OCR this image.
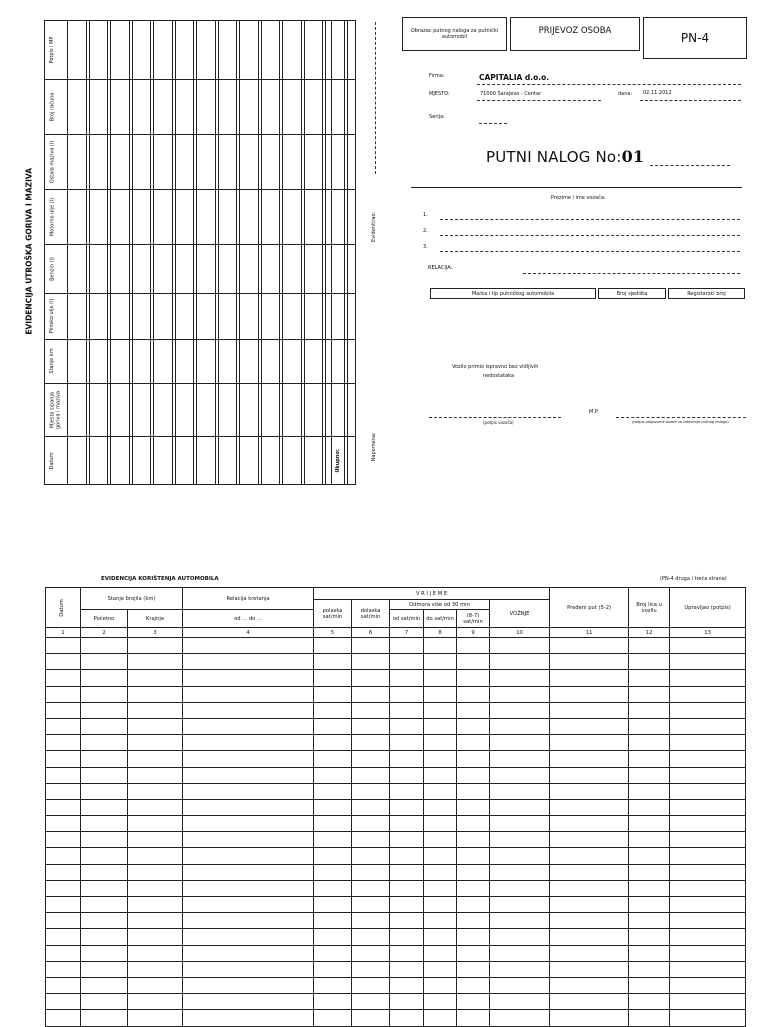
EVIDENCIJA UTROŠKA GORIVA I MAZIVA
Potpis i MP
Broj računa
Ostala maziva (l)
Motorno ulje (l)
Benzin (l)
Plinsko ulje (l)
Stanje km
Mjesto sipanja goriva i maziva
Datum	Ukupno:
Evidentirao:
Napomena:
Obrazac putnog naloga za putnički automobil
PRIJEVOZ OSOBA	PN-4
Firma:	CAPITALIA d.o.o.
MJESTO:	71000 Sarajevo - Centar	dana: 02.11.2012
Serija:
PUTNI NALOG No:01
Prezime i ime vozača:
1.
2.
3.
RELACIJA:
Marka i tip putničkog automobila	Broj sjedišta	Registarski broj
Vozilo primio ispravno bez vidljivih
nedostataka
M.P.
(potpis vozača)	(potpis odgovorne osobe za izdavanje putnog naloga)
EVIDENCIJA KORIŠTENJA AUTOMOBILA	(PN-4 druga i treća strana)
Datum	Stanje brojila (km)		Relacija kretanja	V R I J E M E						Pređeni put (5-2)	Broj lica u vozilu	Upravljao (potpis)
				polaska sat/min	dolaska sat/min	Odmora više od 30 min			VOŽNJE			
	Početno	Krajnje	od ... do ...			od sat/min	do sat/min	(8-7) sat/min				
1	2	3	4	5	6	7	8	9	10	11	12	13
